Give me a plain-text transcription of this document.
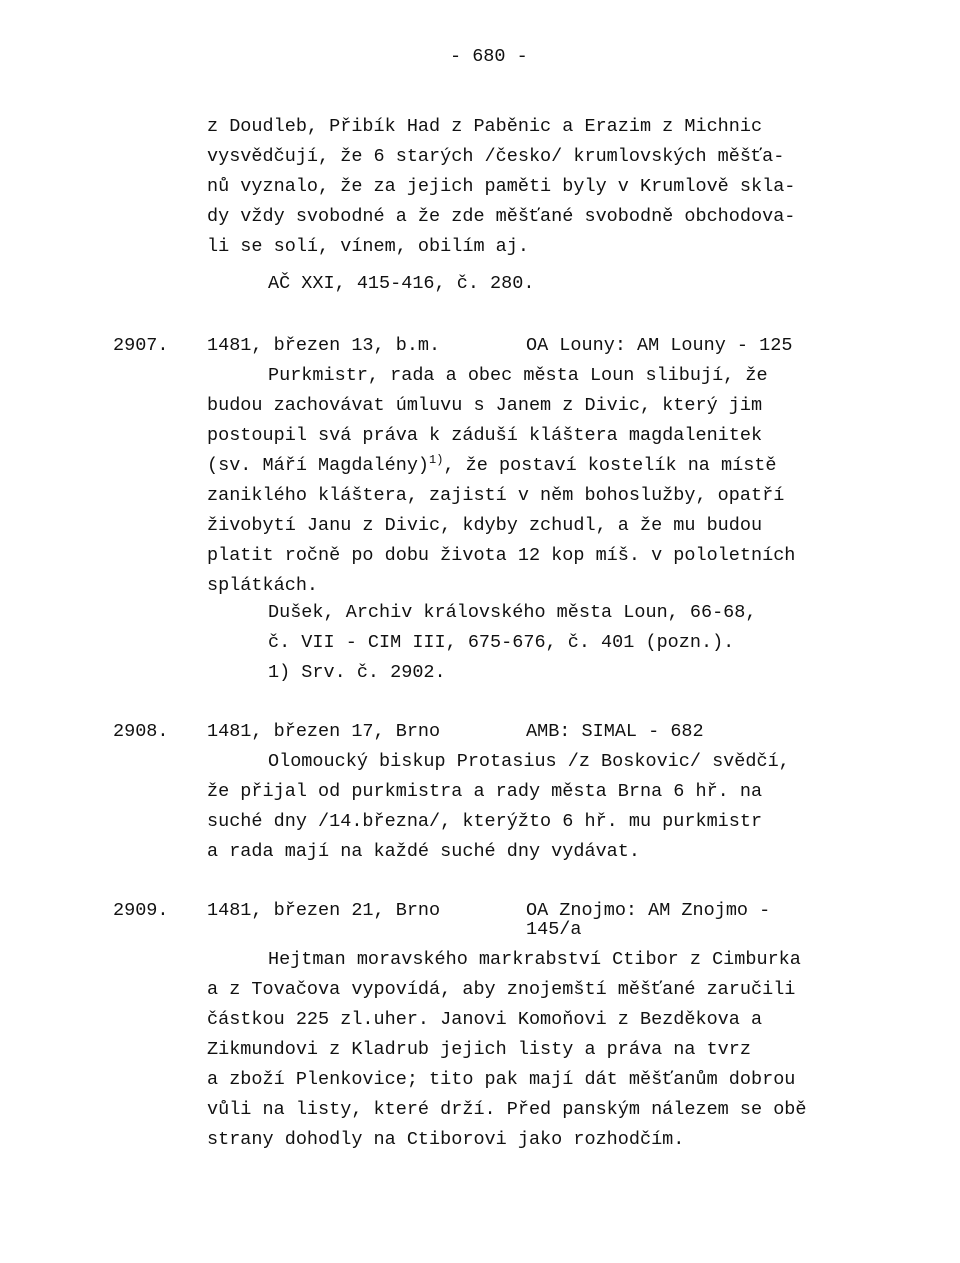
- 680 -
z Doudleb, Přibík Had z Paběnic a Erazim z Michnic
vysvědčují, že 6 starých /česko/ krumlovských měšťa-
nů vyznalo, že za jejich paměti byly v Krumlově skla-
dy vždy svobodné a že zde měšťané svobodně obchodova-
li se solí, vínem, obilím aj.
AČ XXI, 415-416, č. 280.
2907. 1481, březen 13, b.m.	OA Louny: AM Louny - 125
Purkmistr, rada a obec města Loun slibují, že
budou zachovávat úmluvu s Janem z Divic, který jim
postoupil svá práva k záduší kláštera magdalenitek
(sv. Máří Magdalény)$^{1)}$, že postaví kostelík na místě
zaniklého kláštera, zajistí v něm bohoslužby, opatří
živobytí Janu z Divic, kdyby zchudl, a že mu budou
platit ročně po dobu života 12 kop míš. v pololetních
splátkách.
Dušek, Archiv královského města Loun, 66-68,
č. VII - CIM III, 675-676, č. 401 (pozn.).
1) Srv. č. 2902.
2908. 1481, březen 17, Brno	AMB: SIMAL - 682
Olomoucký biskup Protasius /z Boskovic/ svědčí,
že přijal od purkmistra a rady města Brna 6 hř. na
suché dny /14.března/, kterýžto 6 hř. mu purkmistr
a rada mají na každé suché dny vydávat.
2909. 1481, březen 21, Brno	OA Znojmo: AM Znojmo -
145/a
Hejtman moravského markrabství Ctibor z Cimburka
a z Tovačova vypovídá, aby znojemští měšťané zaručili
částkou 225 zl.uher. Janovi Komoňovi z Bezděkova a
Zikmundovi z Kladrub jejich listy a práva na tvrz
a zboží Plenkovice; tito pak mají dát měšťanům dobrou
vůli na listy, které drží. Před panským nálezem se obě
strany dohodly na Ctiborovi jako rozhodčím.
